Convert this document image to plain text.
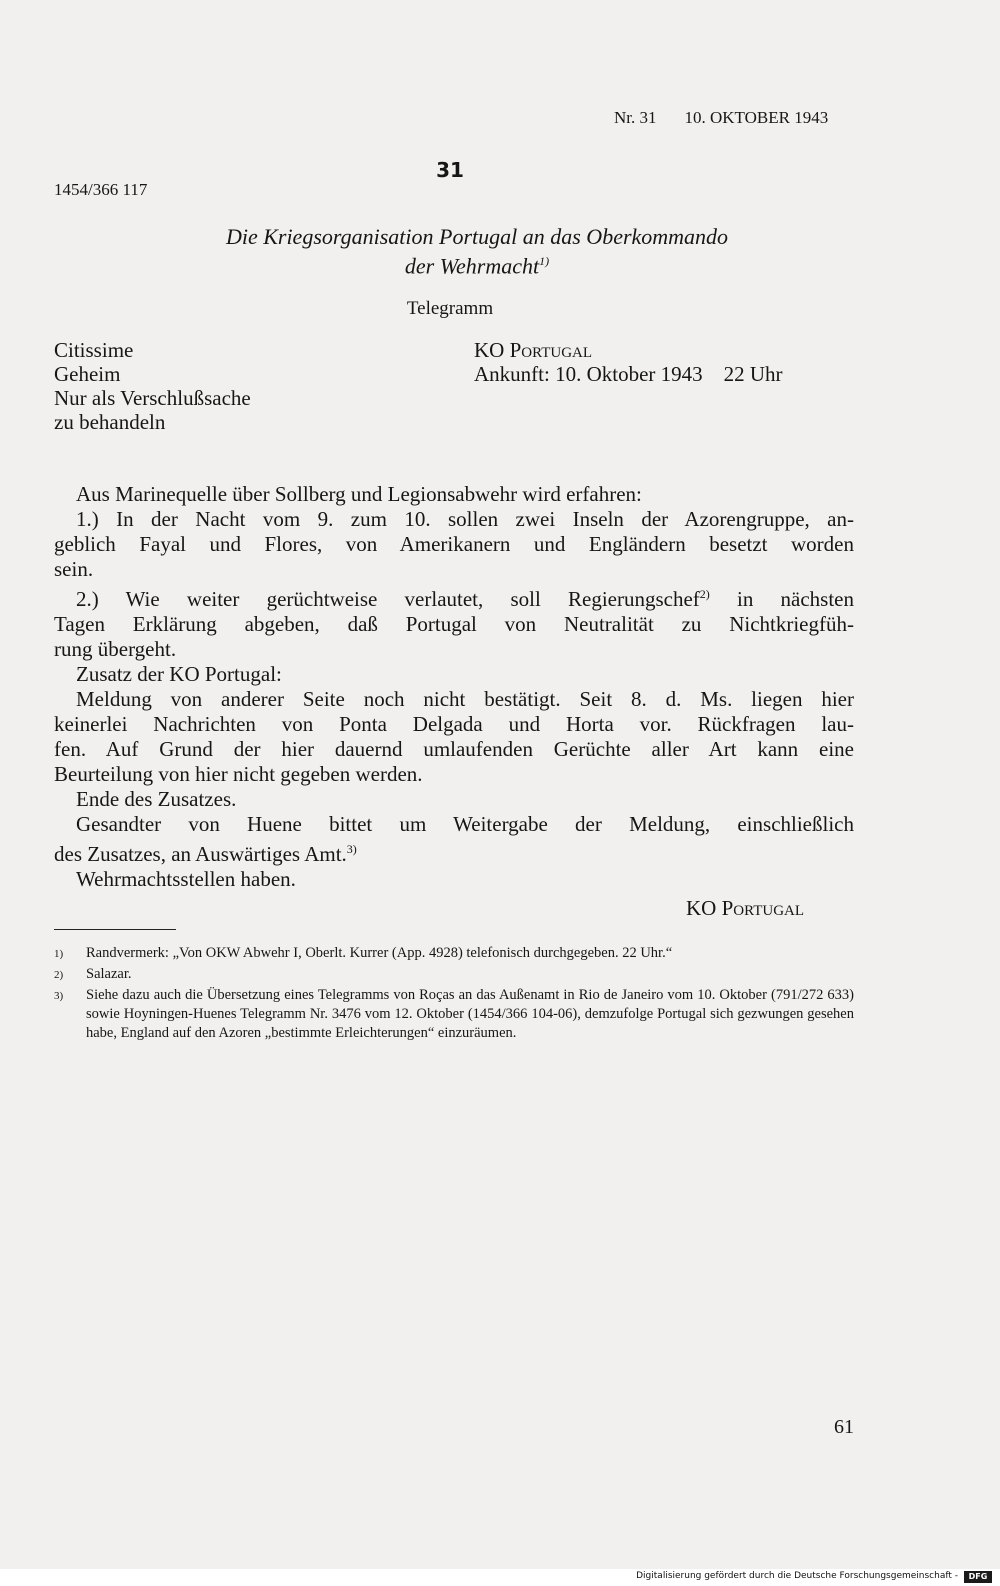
Nr. 31 10. OKTOBER 1943
31
1454/366 117
Die Kriegsorganisation Portugal an das Oberkommando
der Wehrmacht$^{1)}$
Telegramm
Citissime
Geheim
Nur als Verschlußsache
zu behandeln
KO Portugal
Ankunft: 10. Oktober 1943    22 Uhr

Aus Marinequelle über Sollberg und Legionsabwehr wird erfahren:

1.) In der Nacht vom 9. zum 10. sollen zwei Inseln der Azorengruppe, an-

geblich Fayal und Flores, von Amerikanern und Engländern besetzt worden

sein.

2.) Wie weiter gerüchtweise verlautet, soll Regierungschef$^{2)}$ in nächsten

Tagen Erklärung abgeben, daß Portugal von Neutralität zu Nichtkriegfüh-

rung übergeht.

Zusatz der KO Portugal:

Meldung von anderer Seite noch nicht bestätigt. Seit 8. d. Ms. liegen hier

keinerlei Nachrichten von Ponta Delgada und Horta vor. Rückfragen lau-

fen. Auf Grund der hier dauernd umlaufenden Gerüchte aller Art kann eine

Beurteilung von hier nicht gegeben werden.

Ende des Zusatzes.

Gesandter von Huene bittet um Weitergabe der Meldung, einschließlich

des Zusatzes, an Auswärtiges Amt.$^{3)}$

Wehrmachtsstellen haben.

KO Portugal
1)	Randvermerk: „Von OKW Abwehr I, Oberlt. Kurrer (App. 4928) telefonisch durchgegeben. 22 Uhr.“
2)	Salazar.
3)	Siehe dazu auch die Übersetzung eines Telegramms von Roças an das Außenamt in Rio de Janeiro vom 10. Oktober (791/272 633) sowie Hoyningen-Huenes Telegramm Nr. 3476 vom 12. Oktober (1454/366 104-06), demzufolge Portugal sich gezwungen gesehen habe, England auf den Azoren „bestimmte Erleichterungen“ einzuräumen.
61
Digitalisierung gefördert durch die Deutsche Forschungsgemeinschaft -	DFG
